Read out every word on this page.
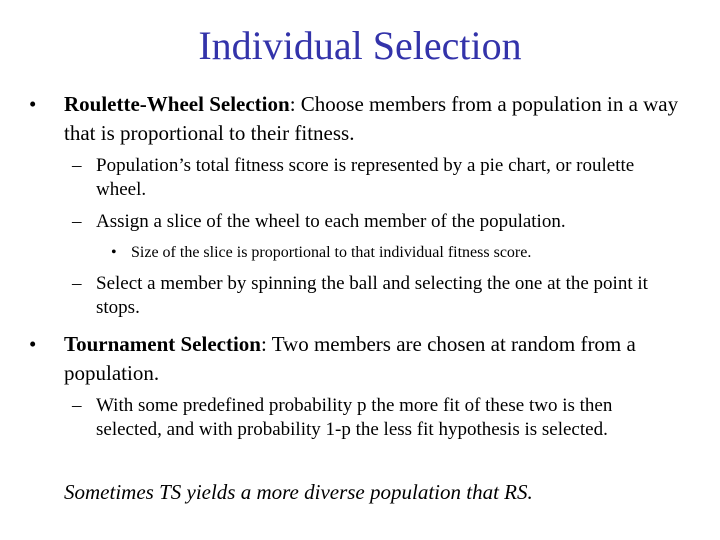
Individual Selection
• Roulette-Wheel Selection: Choose members from a population in a way that is proportional to their fitness.
– Population’s total fitness score is represented by a pie chart, or roulette wheel.
– Assign a slice of the wheel to each member of the population.
• Size of the slice is proportional to that individual fitness score.
– Select a member by spinning the ball and selecting the one at the point it stops.
• Tournament Selection: Two members are chosen at random from a population.
– With some predefined probability p the more fit of these two is then selected, and with probability 1-p the less fit hypothesis is selected.
Sometimes TS yields a more diverse population that RS.
